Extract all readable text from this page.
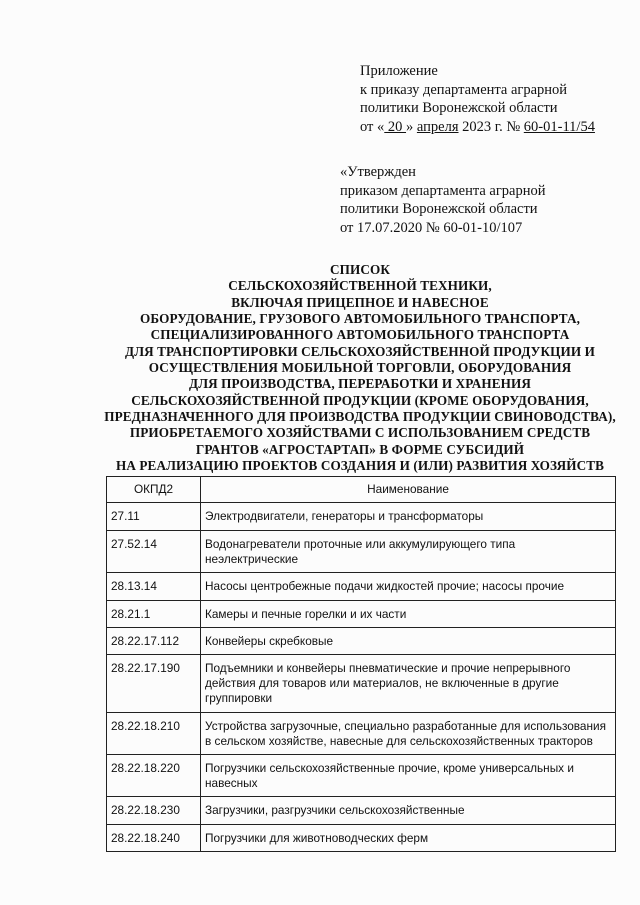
Приложение
к приказу департамента аграрной
политики Воронежской области
от « 20 » апреля 2023 г. № 60-01-11/54
«Утвержден
приказом департамента аграрной
политики Воронежской области
от 17.07.2020 № 60-01-10/107
СПИСОК
СЕЛЬСКОХОЗЯЙСТВЕННОЙ ТЕХНИКИ,
ВКЛЮЧАЯ ПРИЦЕПНОЕ И НАВЕСНОЕ
ОБОРУДОВАНИЕ, ГРУЗОВОГО АВТОМОБИЛЬНОГО ТРАНСПОРТА,
СПЕЦИАЛИЗИРОВАННОГО АВТОМОБИЛЬНОГО ТРАНСПОРТА
ДЛЯ ТРАНСПОРТИРОВКИ СЕЛЬСКОХОЗЯЙСТВЕННОЙ ПРОДУКЦИИ И
ОСУЩЕСТВЛЕНИЯ МОБИЛЬНОЙ ТОРГОВЛИ, ОБОРУДОВАНИЯ
ДЛЯ ПРОИЗВОДСТВА, ПЕРЕРАБОТКИ И ХРАНЕНИЯ
СЕЛЬСКОХОЗЯЙСТВЕННОЙ ПРОДУКЦИИ (КРОМЕ ОБОРУДОВАНИЯ,
ПРЕДНАЗНАЧЕННОГО ДЛЯ ПРОИЗВОДСТВА ПРОДУКЦИИ СВИНОВОДСТВА),
ПРИОБРЕТАЕМОГО ХОЗЯЙСТВАМИ С ИСПОЛЬЗОВАНИЕМ СРЕДСТВ
ГРАНТОВ «АГРОСТАРТАП» В ФОРМЕ СУБСИДИЙ
НА РЕАЛИЗАЦИЮ ПРОЕКТОВ СОЗДАНИЯ И (ИЛИ) РАЗВИТИЯ ХОЗЯЙСТВ
ОКПД2	Наименование
27.11	Электродвигатели, генераторы и трансформаторы
27.52.14	Водонагреватели проточные или аккумулирующего типа неэлектрические
28.13.14	Насосы центробежные подачи жидкостей прочие; насосы прочие
28.21.1	Камеры и печные горелки и их части
28.22.17.112	Конвейеры скребковые
28.22.17.190	Подъемники и конвейеры пневматические и прочие непрерывного действия для товаров или материалов, не включенные в другие группировки
28.22.18.210	Устройства загрузочные, специально разработанные для использования в сельском хозяйстве, навесные для сельскохозяйственных тракторов
28.22.18.220	Погрузчики сельскохозяйственные прочие, кроме универсальных и навесных
28.22.18.230	Загрузчики, разгрузчики сельскохозяйственные
28.22.18.240	Погрузчики для животноводческих ферм
